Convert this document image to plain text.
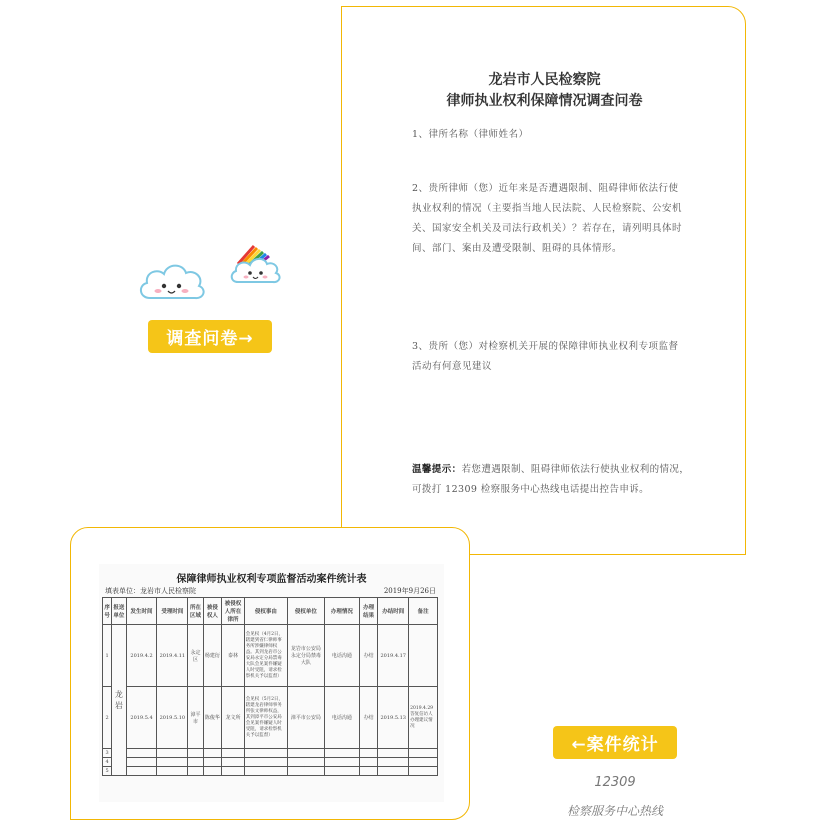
龙岩市人民检察院
律师执业权利保障情况调查问卷
1、律所名称（律师姓名）
2、贵所律师（您）近年来是否遭遇限制、阻碍律师依法行使执业权利的情况（主要指当地人民法院、人民检察院、公安机关、国家安全机关及司法行政机关）？若存在，请列明具体时间、部门、案由及遭受限制、阻碍的具体情形。
3、贵所（您）对检察机关开展的保障律师执业权利专项监督活动有何意见建议
温馨提示：若您遭遇限制、阻碍律师依法行使执业权利的情况，可拨打 12309 检察服务中心热线电话提出控告申诉。
调查问卷→
←案件统计
保障律师执业权利专项监督活动案件统计表
填表单位：龙岩市人民检察院	2019年9月26日
序号	报送单位	发生时间	受理时间	所在区域	被侵权人	被侵权人所在律所	侵权事由	侵权单位	办理情况	办理结果	办结时间	备注
1	龙岩	2019.4.2	2019.4.11	永定区	杨建衍	泰林	会见权（4月2日，辖建到省仁律师事务所涉嫌律师权益。其到龙岩市公安局永定分局禁毒大队会见案件嫌疑人时受阻，请求检察机关予以监督）	龙岩市公安局永定分局禁毒大队	电话沟通	办结	2019.4.17	
2		2019.5.4	2019.5.10	漳平市	陈俊华	龙文所	会见权（5月2日，辖建龙岩律师事务所张文律师权益，其到漳平市公安局会见案件嫌疑人时受阻，请求检察机关予以监督）	漳平市公安局	电话沟通	办结	2019.5.13	2019.4.29答复信访人办理建议情况
3												
4												
5												
12309
检察服务中心热线
